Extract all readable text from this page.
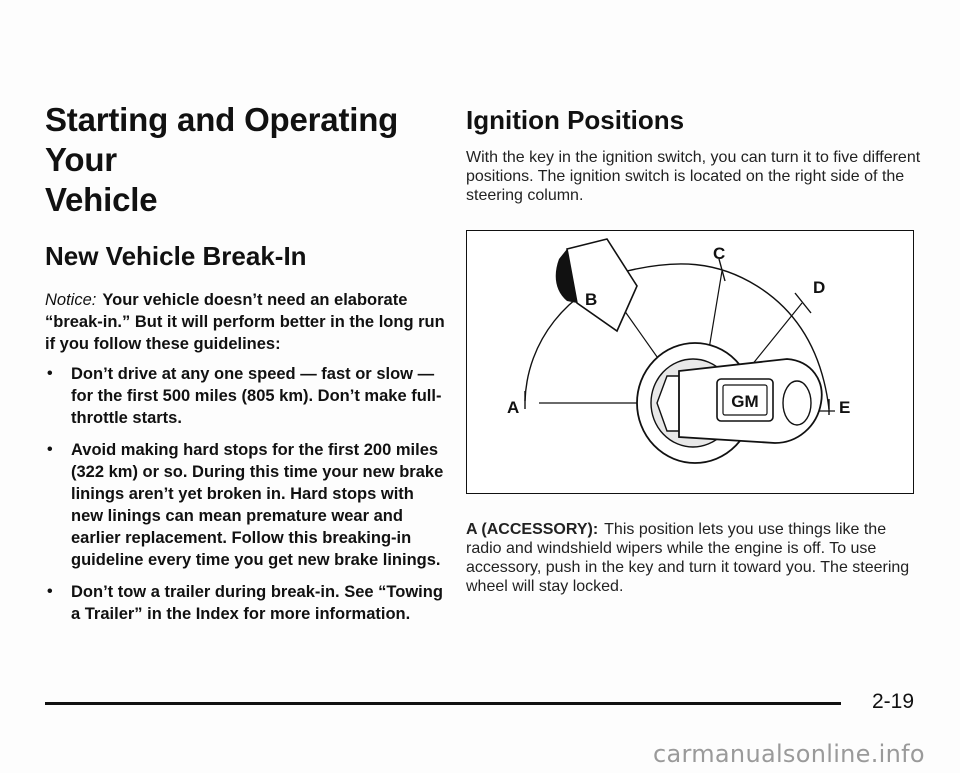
Starting and Operating Your
Vehicle
New Vehicle Break-In
Notice: Your vehicle doesn’t need an elaborate “break-in.” But it will perform better in the long run if you follow these guidelines:
• Don’t drive at any one speed — fast or slow — for the first 500 miles (805 km). Don’t make full-throttle starts.
• Avoid making hard stops for the first 200 miles (322 km) or so. During this time your new brake linings aren’t yet broken in. Hard stops with new linings can mean premature wear and earlier replacement. Follow this breaking-in guideline every time you get new brake linings.
• Don’t tow a trailer during break-in. See “Towing a Trailer” in the Index for more information.
Ignition Positions
With the key in the ignition switch, you can turn it to five different positions. The ignition switch is located on the right side of the steering column.
GM
B
C
D
A	E
A (ACCESSORY): This position lets you use things like the radio and windshield wipers while the engine is off. To use accessory, push in the key and turn it toward you. The steering wheel will stay locked.
2-19
carmanualsonline.info
